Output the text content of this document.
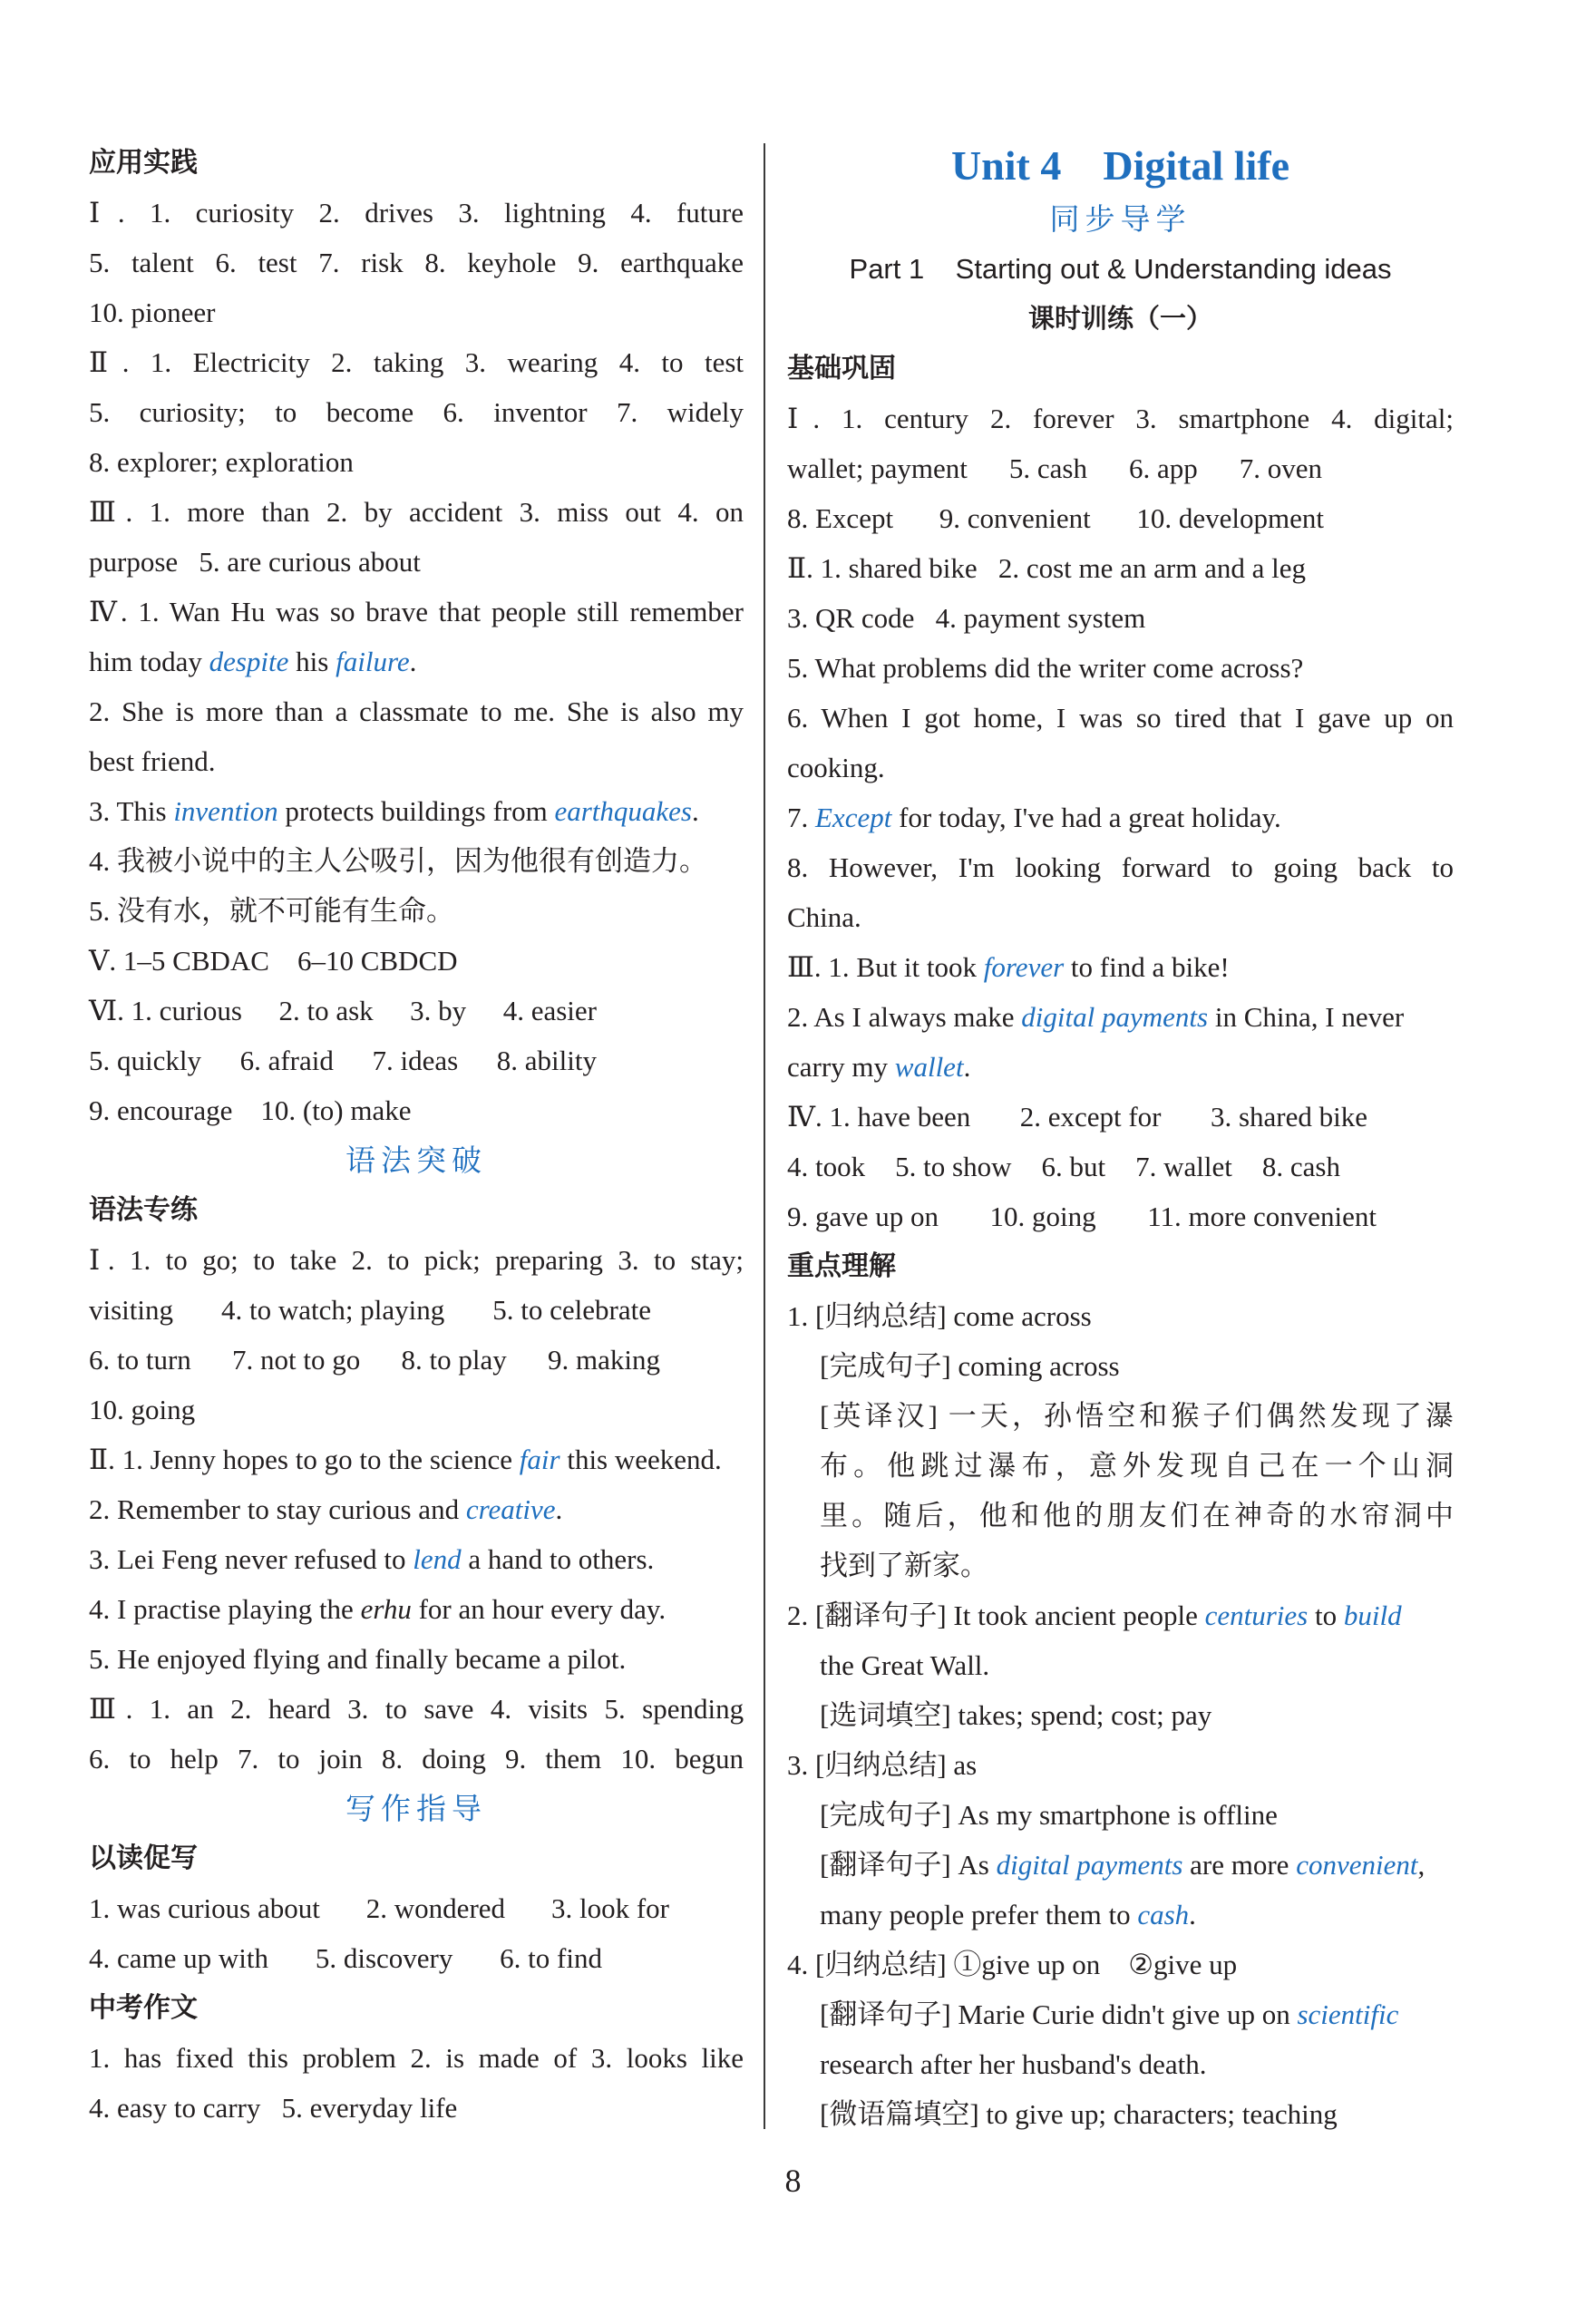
应用实践
Ⅰ. 1. curiosity 2. drives 3. lightning 4. future
5. talent 6. test 7. risk 8. keyhole 9. earthquake
10. pioneer
Ⅱ. 1. Electricity 2. taking 3. wearing 4. to test
5. curiosity; to become 6. inventor 7. widely
8. explorer; exploration
Ⅲ. 1. more than 2. by accident 3. miss out 4. on
purpose 5. are curious about
Ⅳ. 1. Wan Hu was so brave that people still remember
him today despite his failure.
2. She is more than a classmate to me. She is also my
best friend.
3. This invention protects buildings from earthquakes.
4. 我被小说中的主人公吸引，因为他很有创造力。
5. 没有水，就不可能有生命。
Ⅴ. 1–5 CBDAC 6–10 CBDCD
Ⅵ. 1. curious 2. to ask 3. by 4. easier
5. quickly 6. afraid 7. ideas 8. ability
9. encourage 10. (to) make
语法突破
语法专练
Ⅰ. 1. to go; to take 2. to pick; preparing 3. to stay;
visiting 4. to watch; playing 5. to celebrate
6. to turn 7. not to go 8. to play 9. making
10. going
Ⅱ. 1. Jenny hopes to go to the science fair this weekend.
2. Remember to stay curious and creative.
3. Lei Feng never refused to lend a hand to others.
4. I practise playing the erhu for an hour every day.
5. He enjoyed flying and finally became a pilot.
Ⅲ. 1. an 2. heard 3. to save 4. visits 5. spending
6. to help 7. to join 8. doing 9. them 10. begun
写作指导
以读促写
1. was curious about 2. wondered 3. look for
4. came up with 5. discovery 6. to find
中考作文
1. has fixed this problem 2. is made of 3. looks like
4. easy to carry 5. everyday life
Unit 4    Digital life
同步导学
Part 1    Starting out & Understanding ideas
课时训练（一）
基础巩固
Ⅰ. 1. century 2. forever 3. smartphone 4. digital;
wallet; payment 5. cash 6. app 7. oven
8. Except 9. convenient 10. development
Ⅱ. 1. shared bike 2. cost me an arm and a leg
3. QR code 4. payment system
5. What problems did the writer come across?
6. When I got home, I was so tired that I gave up on
cooking.
7. Except for today, I've had a great holiday.
8. However, I'm looking forward to going back to
China.
Ⅲ. 1. But it took forever to find a bike!
2. As I always make digital payments in China, I never
carry my wallet.
Ⅳ. 1. have been 2. except for 3. shared bike
4. took 5. to show 6. but 7. wallet 8. cash
9. gave up on 10. going 11. more convenient
重点理解
1. [归纳总结] come across
[完成句子] coming across
[英译汉] 一天，孙悟空和猴子们偶然发现了瀑
布。他跳过瀑布，意外发现自己在一个山洞
里。随后，他和他的朋友们在神奇的水帘洞中
找到了新家。
2. [翻译句子] It took ancient people centuries to build
the Great Wall.
[选词填空] takes; spend; cost; pay
3. [归纳总结] as
[完成句子] As my smartphone is offline
[翻译句子] As digital payments are more convenient,
many people prefer them to cash.
4. [归纳总结] ①give up on    ②give up
[翻译句子] Marie Curie didn't give up on scientific
research after her husband's death.
[微语篇填空] to give up; characters; teaching
8
